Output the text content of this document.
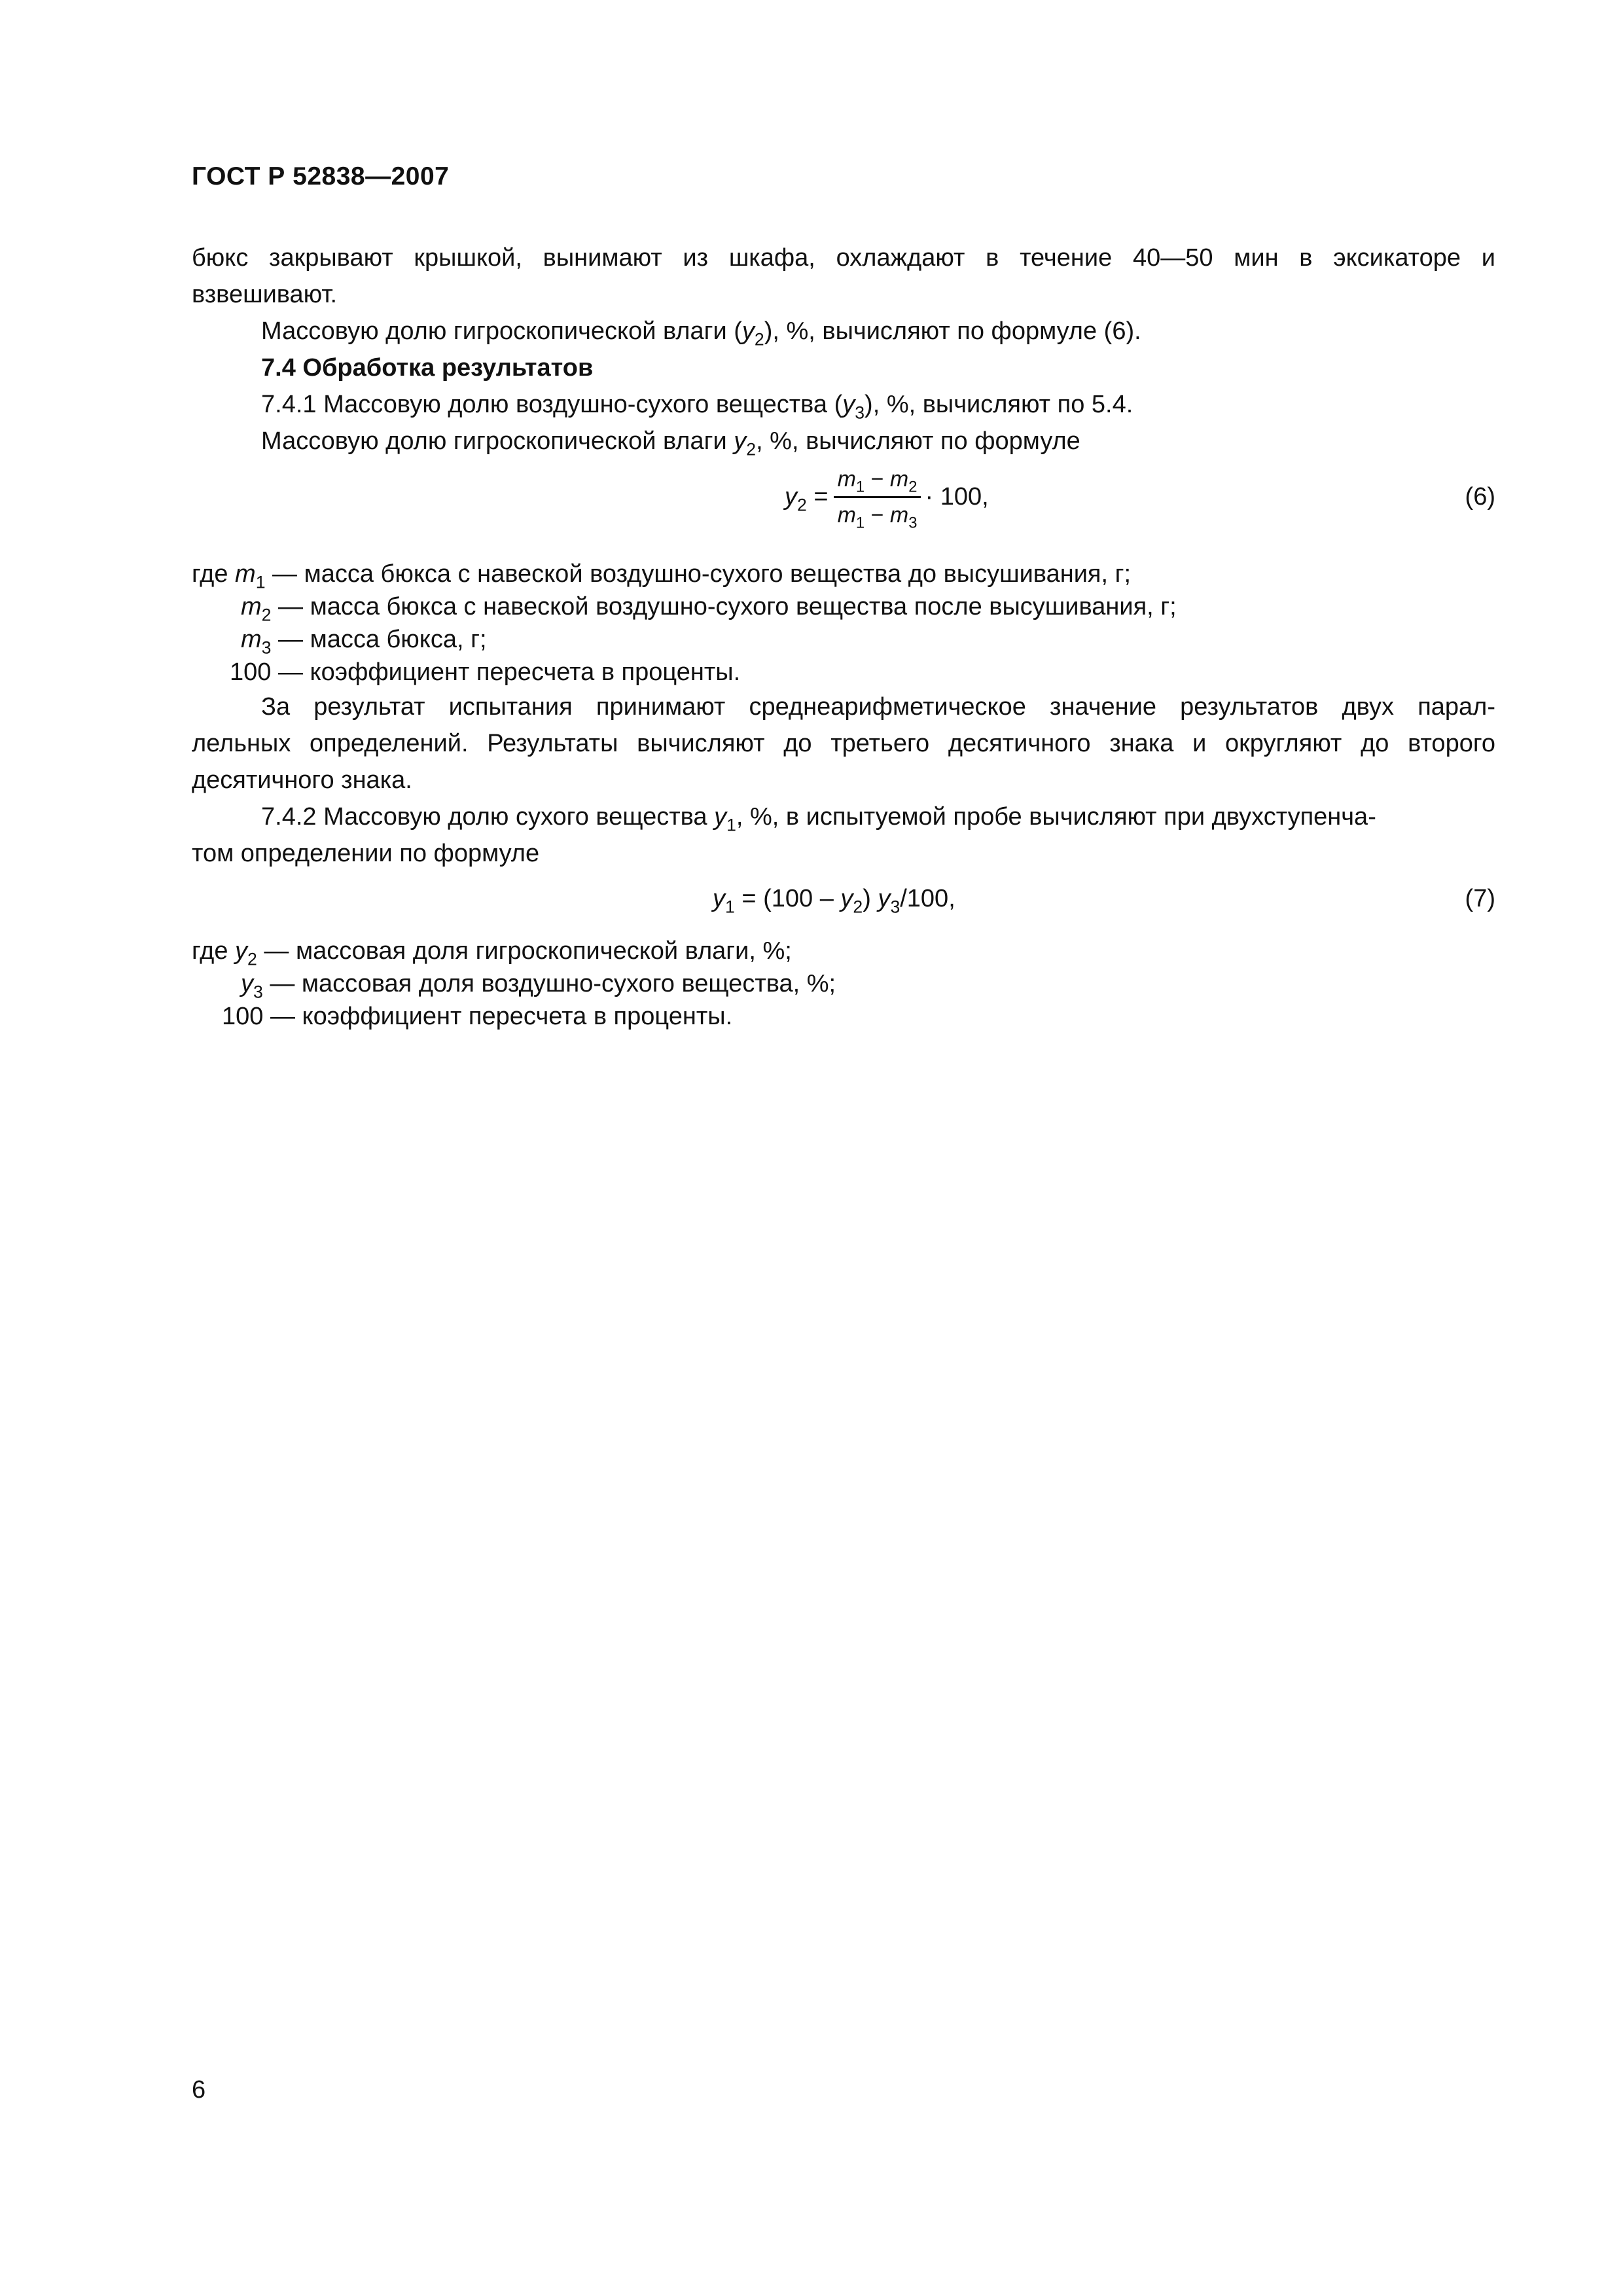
ГОСТ Р 52838—2007
бюкс закрывают крышкой, вынимают из шкафа, охлаждают в течение 40—50 мин в эксикаторе и
взвешивают.
Массовую долю гигроскопической влаги $(y_2)$, %, вычисляют по формуле (6).
7.4 Обработка результатов
7.4.1 Массовую долю воздушно-сухого вещества $(y_3)$, %, вычисляют по 5.4.
Массовую долю гигроскопической влаги $y_2$, %, вычисляют по формуле
$y_2 = \frac{m_1 - m_2}{m_1 - m_3} \cdot 100$,	(6)
где $m_1$ — масса бюкса с навеской воздушно-сухого вещества до высушивания, г;
$m_2$ — масса бюкса с навеской воздушно-сухого вещества после высушивания, г;
$m_3$ — масса бюкса, г;
100 — коэффициент пересчета в проценты.
За результат испытания принимают среднеарифметическое значение результатов двух парал-
лельных определений. Результаты вычисляют до третьего десятичного знака и округляют до второго
десятичного знака.
7.4.2 Массовую долю сухого вещества $y_1$, %, в испытуемой пробе вычисляют при двухступенча-
том определении по формуле
$y_1 = (100 - y_2)$ $y_3/100$,	(7)
где $y_2$ — массовая доля гигроскопической влаги, %;
$y_3$ — массовая доля воздушно-сухого вещества, %;
100 — коэффициент пересчета в проценты.
6
